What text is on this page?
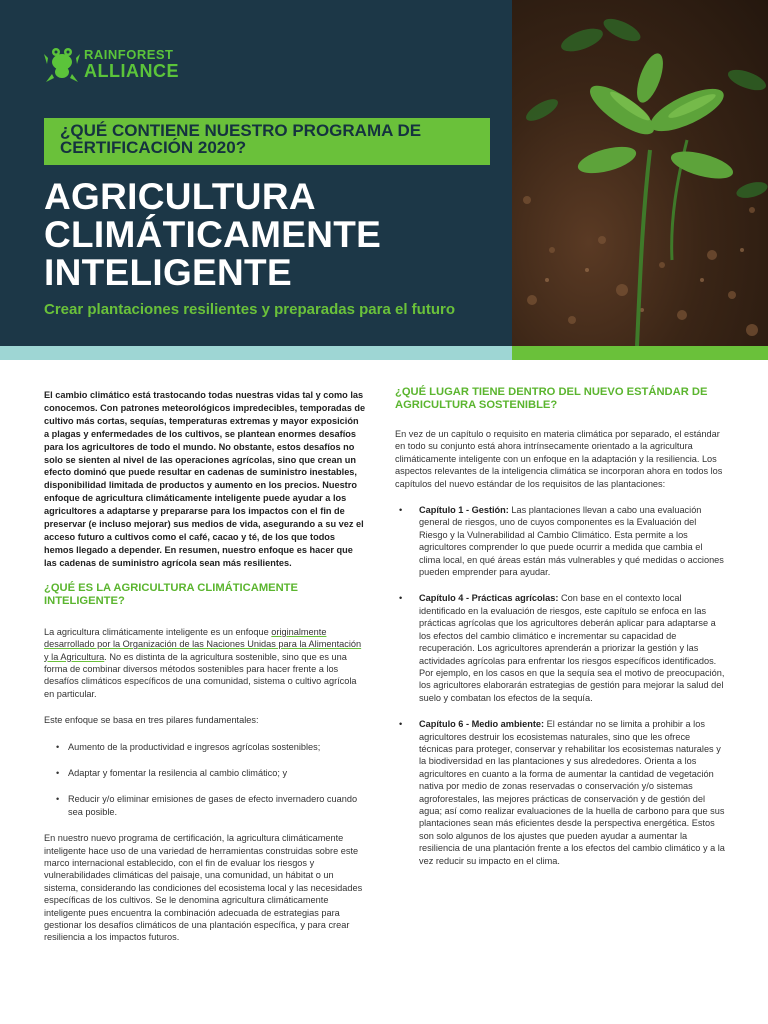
RAINFOREST
ALLIANCE
¿QUÉ CONTIENE NUESTRO PROGRAMA DE CERTIFICACIÓN 2020?
AGRICULTURA
CLIMÁTICAMENTE
INTELIGENTE
Crear plantaciones resilientes y preparadas para el futuro

El cambio climático está trastocando todas nuestras vidas tal y como las conocemos. Con patrones meteorológicos impredecibles, temporadas de cultivo más cortas, sequías, temperaturas extremas y mayor exposición a plagas y enfermedades de los cultivos, se plantean enormes desafíos para los agricultores de todo el mundo. No obstante, estos desafíos no solo se sienten al nivel de las operaciones agrícolas, sino que crean un efecto dominó que puede resultar en cadenas de suministro inestables, disponibilidad limitada de productos y aumento en los precios. Nuestro enfoque de agricultura climáticamente inteligente puede ayudar a los agricultores a adaptarse y prepararse para los impactos con el fin de preservar (e incluso mejorar) sus medios de vida, asegurando a su vez el acceso futuro a cultivos como el café, cacao y té, de los que todos hemos llegado a depender. En resumen, nuestro enfoque es hacer que las cadenas de suministro agrícola sean más resilientes.

¿QUÉ ES LA AGRICULTURA CLIMÁTICAMENTE INTELIGENTE?

La agricultura climáticamente inteligente es un enfoque originalmente desarrollado por la Organización de las Naciones Unidas para la Alimentación y la Agricultura. No es distinta de la agricultura sostenible, sino que es una forma de combinar diversos métodos sostenibles para hacer frente a los desafíos climáticos específicos de una comunidad, sistema o cultivo agrícola en particular.

Este enfoque se basa en tres pilares fundamentales:

• Aumento de la productividad e ingresos agrícolas sostenibles;
• Adaptar y fomentar la resilencia al cambio climático; y
• Reducir y/o eliminar emisiones de gases de efecto invernadero cuando sea posible.

En nuestro nuevo programa de certificación, la agricultura climáticamente inteligente hace uso de una variedad de herramientas construidas sobre este marco internacional establecido, con el fin de evaluar los riesgos y vulnerabilidades climáticas del paisaje, una comunidad, un hábitat o un sistema, considerando las condiciones del ecosistema local y las necesidades específicas de los cultivos. Se le denomina agricultura climáticamente inteligente pues encuentra la combinación adecuada de estrategias para gestionar los desafíos climáticos de una plantación específica, y para crear resiliencia a los impactos futuros.

¿QUÉ LUGAR TIENE DENTRO DEL NUEVO ESTÁNDAR DE AGRICULTURA SOSTENIBLE?

En vez de un capítulo o requisito en materia climática por separado, el estándar en todo su conjunto está ahora intrínsecamente orientado a la agricultura climáticamente inteligente con un enfoque en la adaptación y la resiliencia. Los aspectos relevantes de la inteligencia climática se incorporan ahora en todos los capítulos del nuevo estándar de los requisitos de las plantaciones:

• Capítulo 1 - Gestión: Las plantaciones llevan a cabo una evaluación general de riesgos, uno de cuyos componentes es la Evaluación del Riesgo y la Vulnerabilidad al Cambio Climático. Esta permite a los agricultores comprender lo que puede ocurrir a medida que cambia el clima local, en qué áreas están más vulnerables y qué medidas o acciones pueden emprender para ayudar.
• Capítulo 4 - Prácticas agrícolas: Con base en el contexto local identificado en la evaluación de riesgos, este capítulo se enfoca en las prácticas agrícolas que los agricultores deberán aplicar para adaptarse a los efectos del cambio climático e incrementar su capacidad de recuperación. Los agricultores aprenderán a priorizar la gestión y las actividades agrícolas para enfrentar los riesgos específicos identificados. Por ejemplo, en los casos en que la sequía sea el motivo de preocupación, los agricultores elaborarán estrategias de gestión para mejorar la salud del suelo y combatan los efectos de la sequía.
• Capítulo 6 - Medio ambiente: El estándar no se limita a prohibir a los agricultores destruir los ecosistemas naturales, sino que les ofrece técnicas para proteger, conservar y rehabilitar los ecosistemas naturales y la biodiversidad en las plantaciones y sus alrededores. Orienta a los agricultores en cuanto a la forma de aumentar la cantidad de vegetación nativa por medio de zonas reservadas o conservación y/o sistemas agroforestales, las mejores prácticas de conservación y de gestión del agua; así como realizar evaluaciones de la huella de carbono para que sus plantaciones sean más eficientes desde la perspectiva energética. Estos son solo algunos de los ajustes que pueden ayudar a aumentar la resiliencia de una plantación frente a los efectos del cambio climático y a la vez reducir su impacto en el clima.
